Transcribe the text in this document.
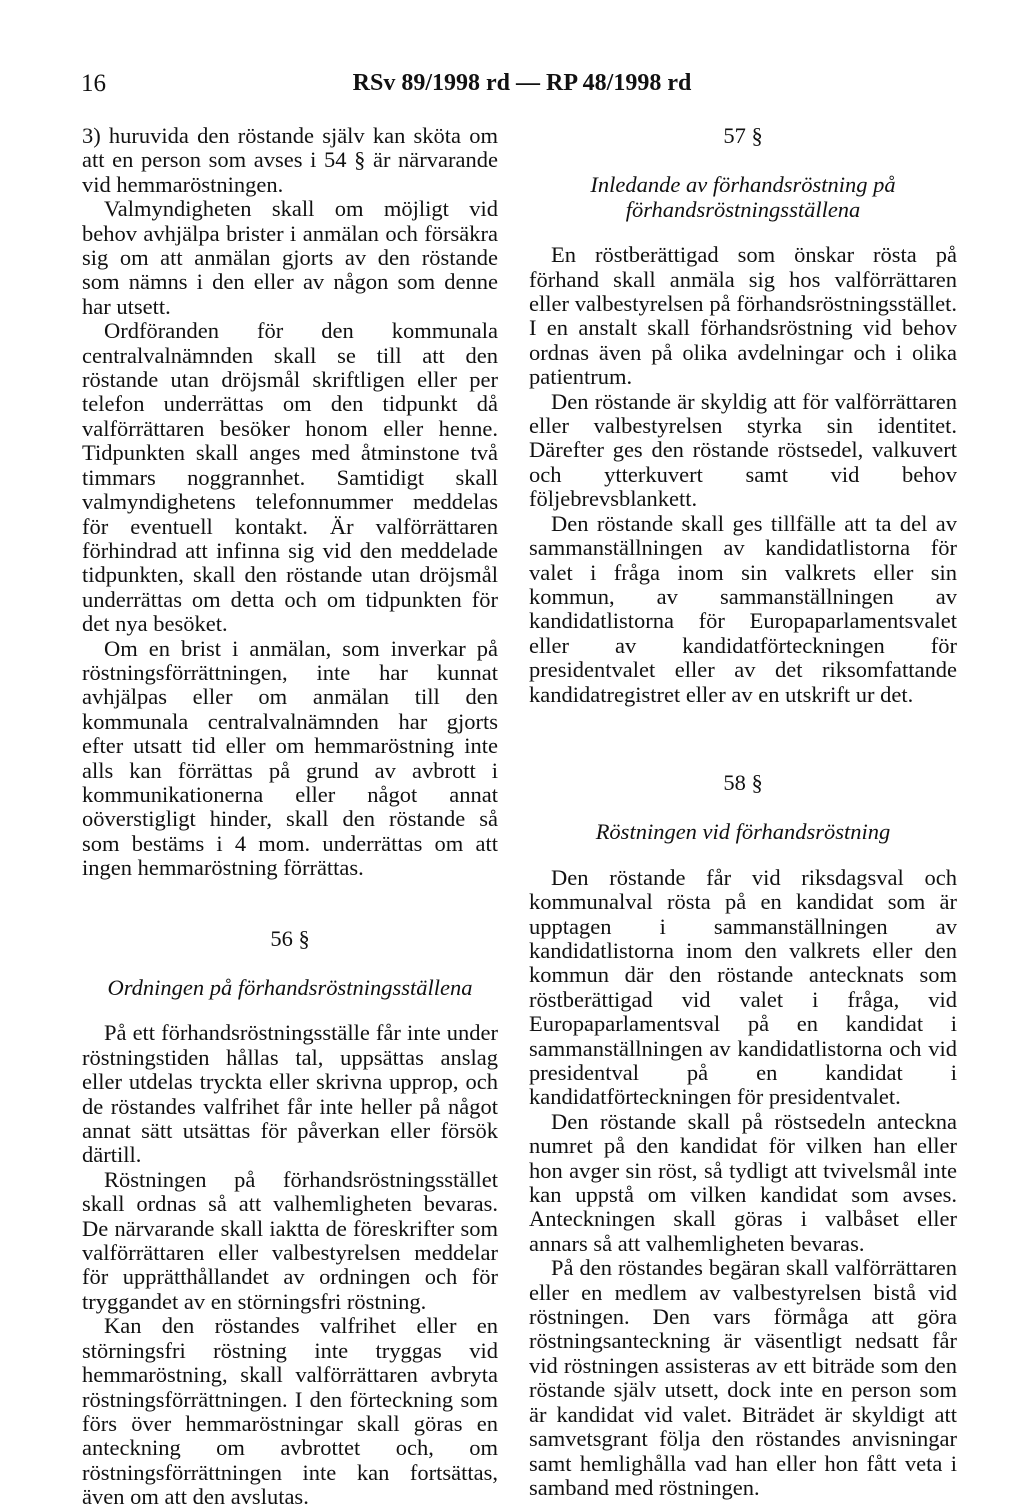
16	RSv 89/1998 rd — RP 48/1998 rd

3) huruvida den röstande själv kan sköta om att en person som avses i 54 § är närvarande vid hemmaröstningen.

Valmyndigheten skall om möjligt vid behov avhjälpa brister i anmälan och försäkra sig om att anmälan gjorts av den röstande som nämns i den eller av någon som denne har utsett.

Ordföranden för den kommunala centralvalnämnden skall se till att den röstande utan dröjsmål skriftligen eller per telefon underrättas om den tidpunkt då valförrättaren besöker honom eller henne. Tidpunkten skall anges med åtminstone två timmars noggrannhet. Samtidigt skall valmyndighetens telefonnummer meddelas för eventuell kontakt. Är valförrättaren förhindrad att infinna sig vid den meddelade tidpunkten, skall den röstande utan dröjsmål underrättas om detta och om tidpunkten för det nya besöket.

Om en brist i anmälan, som inverkar på röstningsförrättningen, inte har kunnat avhjälpas eller om anmälan till den kommunala centralvalnämnden har gjorts efter utsatt tid eller om hemmaröstning inte alls kan förrättas på grund av avbrott i kommunikationerna eller något annat oöverstigligt hinder, skall den röstande så som bestäms i 4 mom. underrättas om att ingen hemmaröstning förrättas.

56 §

Ordningen på förhandsröstningsställena

På ett förhandsröstningsställe får inte under röstningstiden hållas tal, uppsättas anslag eller utdelas tryckta eller skrivna upprop, och de röstandes valfrihet får inte heller på något annat sätt utsättas för påverkan eller försök därtill.

Röstningen på förhandsröstningsstället skall ordnas så att valhemligheten bevaras. De närvarande skall iaktta de föreskrifter som valförrättaren eller valbestyrelsen meddelar för upprätthållandet av ordningen och för tryggandet av en störningsfri röstning.

Kan den röstandes valfrihet eller en störningsfri röstning inte tryggas vid hemmaröstning, skall valförrättaren avbryta röstningsförrättningen. I den förteckning som förs över hemmaröstningar skall göras en anteckning om avbrottet och, om röstningsförrättningen inte kan fortsättas, även om att den avslutas.

57 §

Inledande av förhandsröstning på förhandsröstningsställena

En röstberättigad som önskar rösta på förhand skall anmäla sig hos valförrättaren eller valbestyrelsen på förhandsröstningsstället. I en anstalt skall förhandsröstning vid behov ordnas även på olika avdelningar och i olika patientrum.

Den röstande är skyldig att för valförrättaren eller valbestyrelsen styrka sin identitet. Därefter ges den röstande röstsedel, valkuvert och ytterkuvert samt vid behov följebrevsblankett.

Den röstande skall ges tillfälle att ta del av sammanställningen av kandidatlistorna för valet i fråga inom sin valkrets eller sin kommun, av sammanställningen av kandidatlistorna för Europaparlamentsvalet eller av kandidatförteckningen för presidentvalet eller av det riksomfattande kandidatregistret eller av en utskrift ur det.

58 §

Röstningen vid förhandsröstning

Den röstande får vid riksdagsval och kommunalval rösta på en kandidat som är upptagen i sammanställningen av kandidatlistorna inom den valkrets eller den kommun där den röstande antecknats som röstberättigad vid valet i fråga, vid Europaparlamentsval på en kandidat i sammanställningen av kandidatlistorna och vid presidentval på en kandidat i kandidatförteckningen för presidentvalet.

Den röstande skall på röstsedeln anteckna numret på den kandidat för vilken han eller hon avger sin röst, så tydligt att tvivelsmål inte kan uppstå om vilken kandidat som avses. Anteckningen skall göras i valbåset eller annars så att valhemligheten bevaras.

På den röstandes begäran skall valförrättaren eller en medlem av valbestyrelsen bistå vid röstningen. Den vars förmåga att göra röstningsanteckning är väsentligt nedsatt får vid röstningen assisteras av ett biträde som den röstande själv utsett, dock inte en person som är kandidat vid valet. Biträdet är skyldigt att samvetsgrant följa den röstandes anvisningar samt hemlighålla vad han eller hon fått veta i samband med röstningen.
